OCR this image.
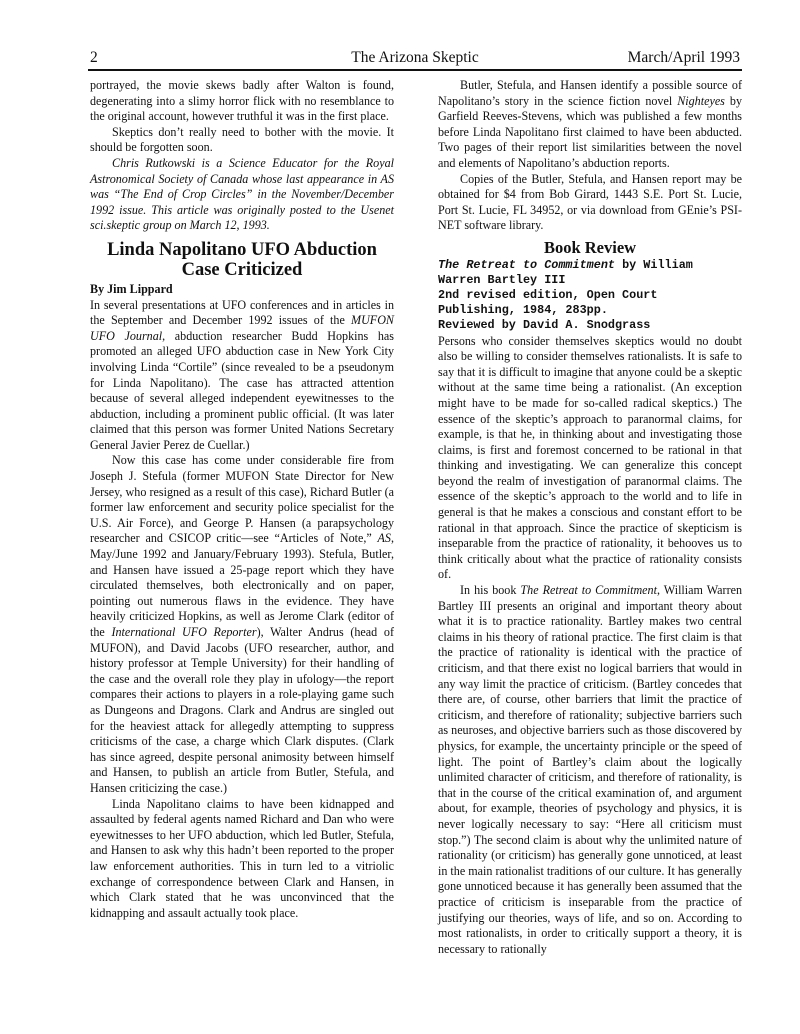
2	The Arizona Skeptic	March/April 1993

portrayed, the movie skews badly after Walton is found, degenerating into a slimy horror flick with no resemblance to the original account, however truthful it was in the first place.

Skeptics don’t really need to bother with the movie. It should be forgotten soon.

Chris Rutkowski is a Science Educator for the Royal Astronomical Society of Canada whose last appearance in AS was “The End of Crop Circles” in the November/December 1992 issue. This article was originally posted to the Usenet sci.skeptic group on March 12, 1993.

Linda Napolitano UFO Abduction Case Criticized
By Jim Lippard

In several presentations at UFO conferences and in articles in the September and December 1992 issues of the MUFON UFO Journal, abduction researcher Budd Hopkins has promoted an alleged UFO abduction case in New York City involving Linda “Cortile” (since revealed to be a pseudonym for Linda Napolitano). The case has attracted attention because of several alleged independent eyewitnesses to the abduction, including a prominent public official. (It was later claimed that this person was former United Nations Secretary General Javier Perez de Cuellar.)

Now this case has come under considerable fire from Joseph J. Stefula (former MUFON State Director for New Jersey, who resigned as a result of this case), Richard Butler (a former law enforcement and security police specialist for the U.S. Air Force), and George P. Hansen (a parapsychology researcher and CSICOP critic—see “Articles of Note,” AS, May/June 1992 and January/February 1993). Stefula, Butler, and Hansen have issued a 25-page report which they have circulated themselves, both electronically and on paper, pointing out numerous flaws in the evidence. They have heavily criticized Hopkins, as well as Jerome Clark (editor of the International UFO Reporter), Walter Andrus (head of MUFON), and David Jacobs (UFO researcher, author, and history professor at Temple University) for their handling of the case and the overall role they play in ufology—the report compares their actions to players in a role-playing game such as Dungeons and Dragons. Clark and Andrus are singled out for the heaviest attack for allegedly attempting to suppress criticisms of the case, a charge which Clark disputes. (Clark has since agreed, despite personal animosity between himself and Hansen, to publish an article from Butler, Stefula, and Hansen criticizing the case.)

Linda Napolitano claims to have been kidnapped and assaulted by federal agents named Richard and Dan who were eyewitnesses to her UFO abduction, which led Butler, Stefula, and Hansen to ask why this hadn’t been reported to the proper law enforcement authorities. This in turn led to a vitriolic exchange of correspondence between Clark and Hansen, in which Clark stated that he was unconvinced that the kidnapping and assault actually took place.

Butler, Stefula, and Hansen identify a possible source of Napolitano’s story in the science fiction novel Nighteyes by Garfield Reeves-Stevens, which was published a few months before Linda Napolitano first claimed to have been abducted. Two pages of their report list similarities between the novel and elements of Napolitano’s abduction reports.

Copies of the Butler, Stefula, and Hansen report may be obtained for $4 from Bob Girard, 1443 S.E. Port St. Lucie, Port St. Lucie, FL 34952, or via download from GEnie’s PSI-NET software library.

Book Review
The Retreat to Commitment by William Warren Bartley III
2nd revised edition, Open Court Publishing, 1984, 283pp.
Reviewed by David A. Snodgrass

Persons who consider themselves skeptics would no doubt also be willing to consider themselves rationalists. It is safe to say that it is difficult to imagine that anyone could be a skeptic without at the same time being a rationalist. (An exception might have to be made for so-called radical skeptics.) The essence of the skeptic’s approach to paranormal claims, for example, is that he, in thinking about and investigating those claims, is first and foremost concerned to be rational in that thinking and investigating. We can generalize this concept beyond the realm of investigation of paranormal claims. The essence of the skeptic’s approach to the world and to life in general is that he makes a conscious and constant effort to be rational in that approach. Since the practice of skepticism is inseparable from the practice of rationality, it behooves us to think critically about what the practice of rationality consists of.

In his book The Retreat to Commitment, William Warren Bartley III presents an original and important theory about what it is to practice rationality. Bartley makes two central claims in his theory of rational practice. The first claim is that the practice of rationality is identical with the practice of criticism, and that there exist no logical barriers that would in any way limit the practice of criticism. (Bartley concedes that there are, of course, other barriers that limit the practice of criticism, and therefore of rationality; subjective barriers such as neuroses, and objective barriers such as those discovered by physics, for example, the uncertainty principle or the speed of light. The point of Bartley’s claim about the logically unlimited character of criticism, and therefore of rationality, is that in the course of the critical examination of, and argument about, for example, theories of psychology and physics, it is never logically necessary to say: “Here all criticism must stop.”) The second claim is about why the unlimited nature of rationality (or criticism) has generally gone unnoticed, at least in the main rationalist traditions of our culture. It has generally gone unnoticed because it has generally been assumed that the practice of criticism is inseparable from the practice of justifying our theories, ways of life, and so on. According to most rationalists, in order to critically support a theory, it is necessary to rationally
